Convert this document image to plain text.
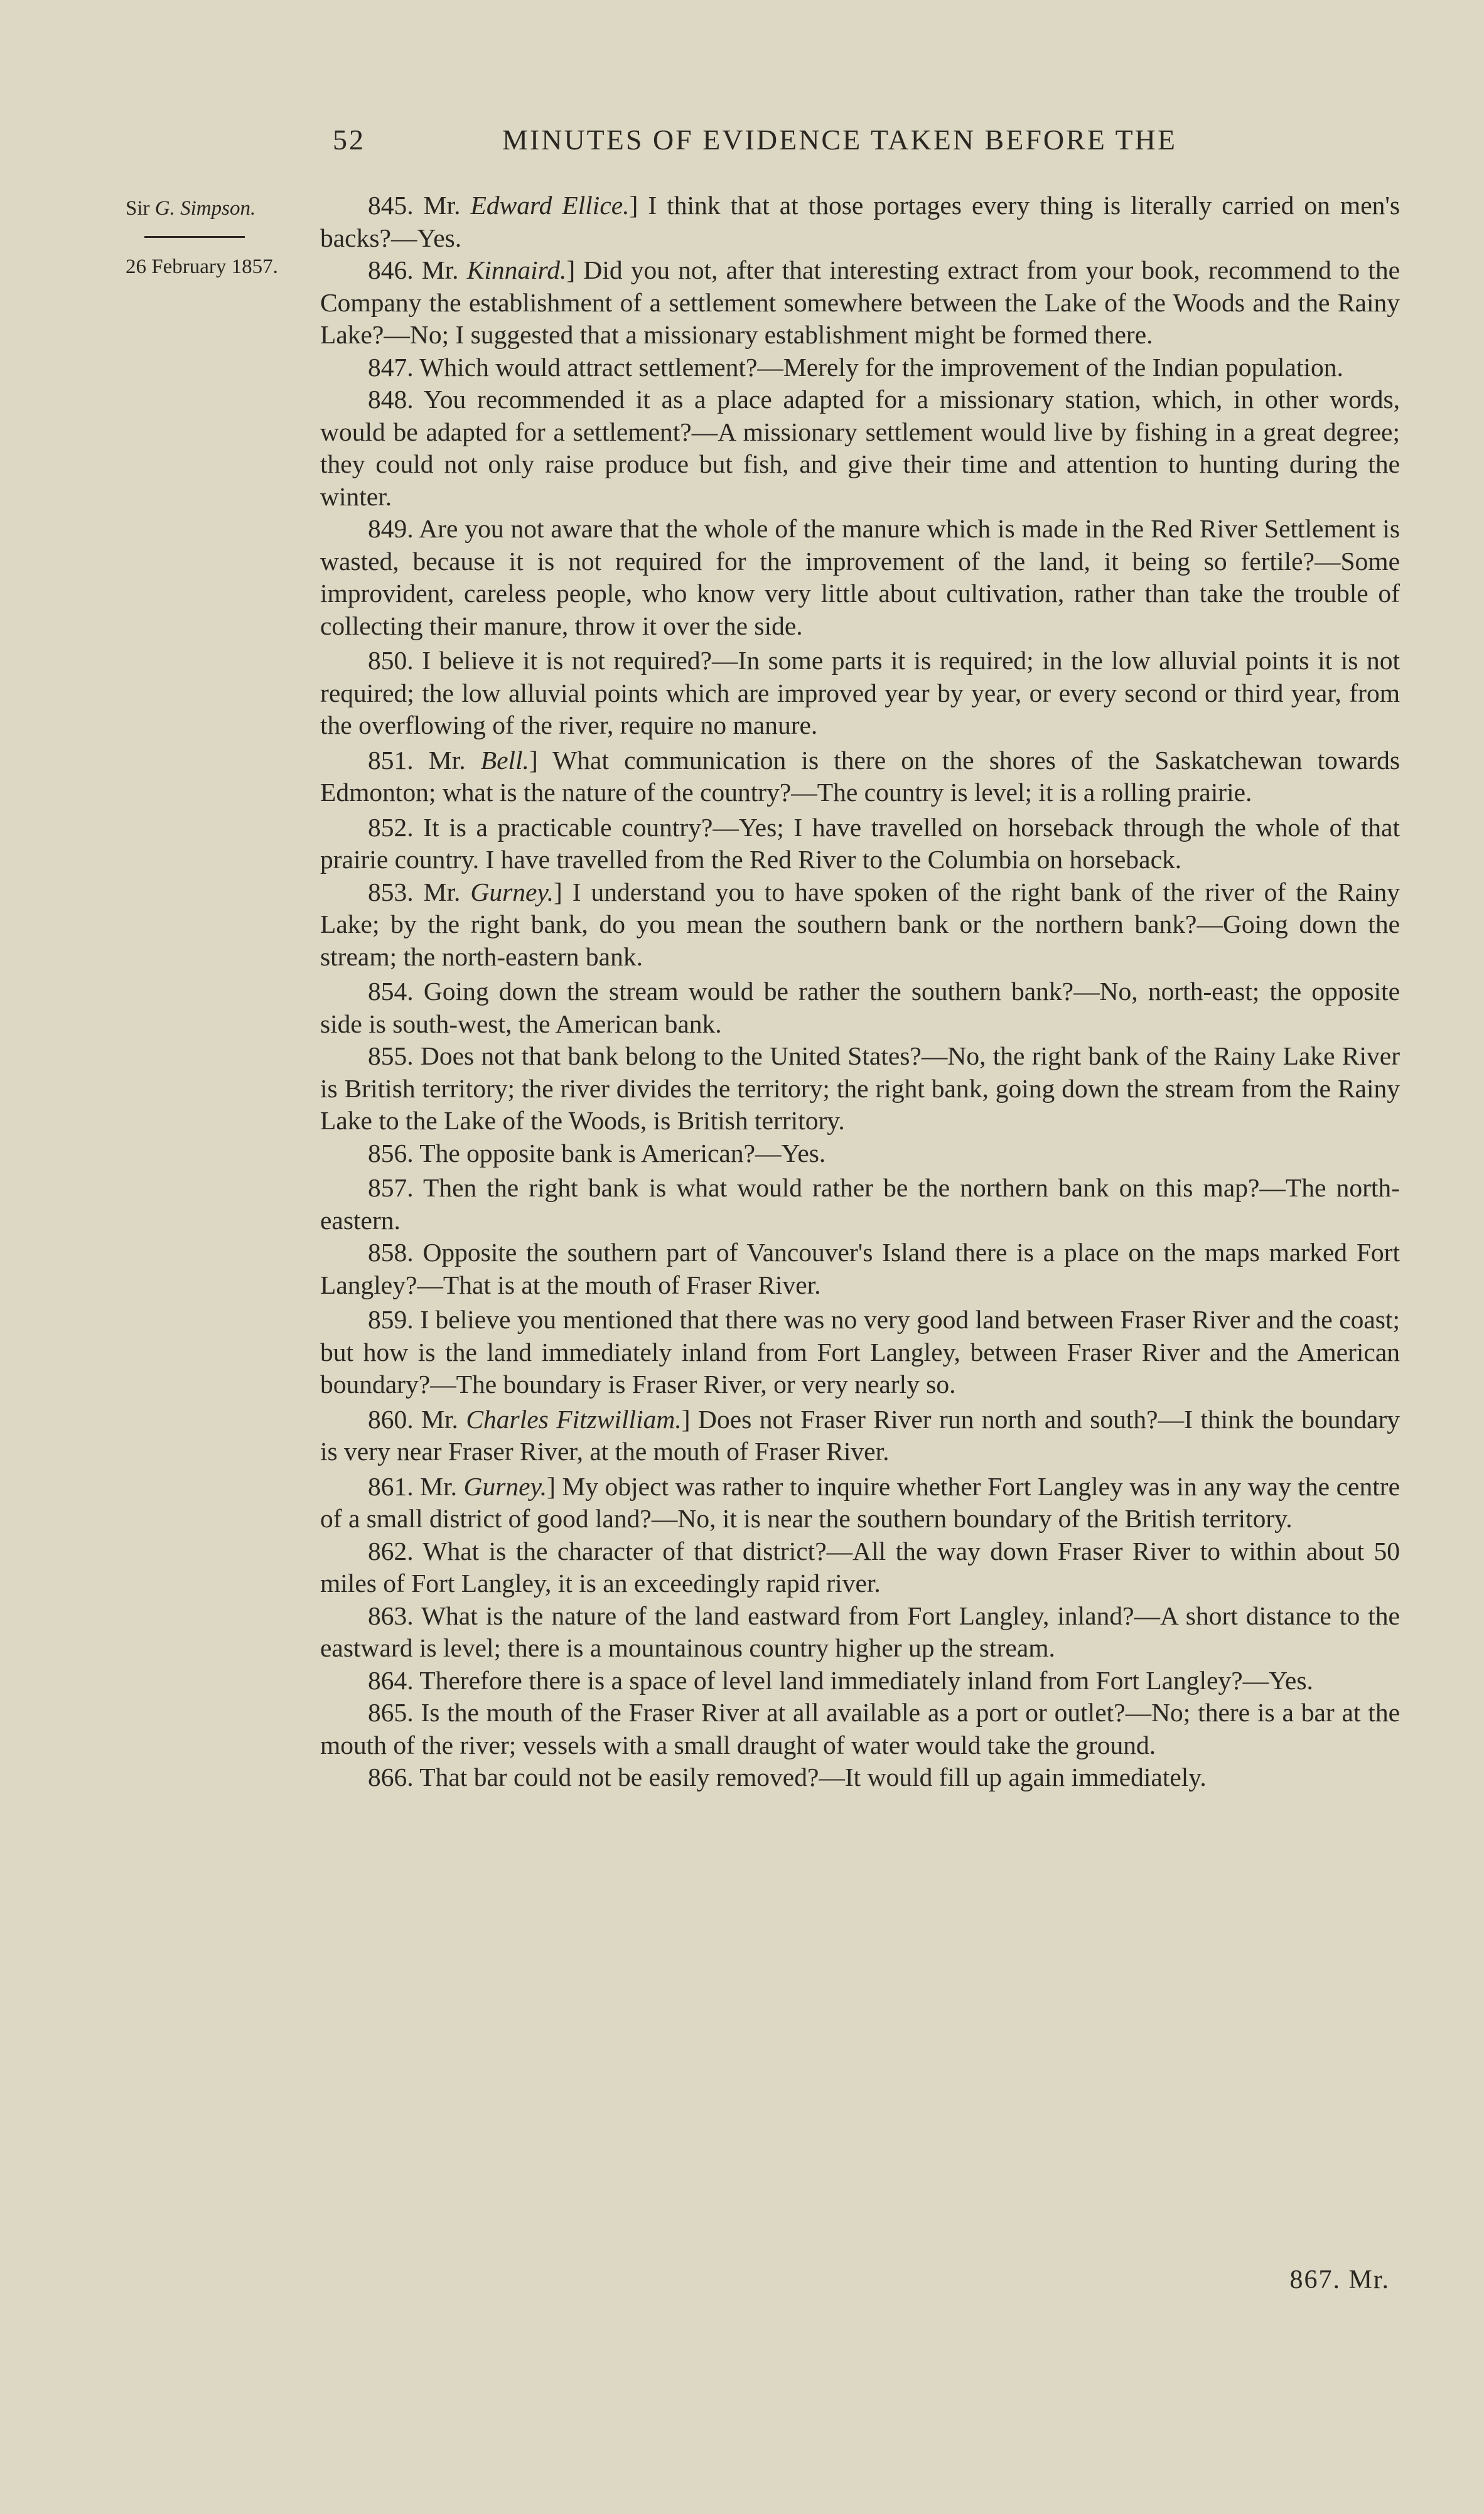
52	MINUTES OF EVIDENCE TAKEN BEFORE THE
Sir G. Simpson.
26 February 1857.

845. Mr. Edward Ellice.] I think that at those portages every thing is literally carried on men's backs?—Yes.

846. Mr. Kinnaird.] Did you not, after that interesting extract from your book, recommend to the Company the establishment of a settlement somewhere between the Lake of the Woods and the Rainy Lake?—No; I suggested that a missionary establishment might be formed there.

847. Which would attract settlement?—Merely for the improvement of the Indian population.

848. You recommended it as a place adapted for a missionary station, which, in other words, would be adapted for a settlement?—A missionary settlement would live by fishing in a great degree; they could not only raise produce but fish, and give their time and attention to hunting during the winter.

849. Are you not aware that the whole of the manure which is made in the Red River Settlement is wasted, because it is not required for the improvement of the land, it being so fertile?—Some improvident, careless people, who know very little about cultivation, rather than take the trouble of collecting their manure, throw it over the side.

850. I believe it is not required?—In some parts it is required; in the low alluvial points it is not required; the low alluvial points which are improved year by year, or every second or third year, from the overflowing of the river, require no manure.

851. Mr. Bell.] What communication is there on the shores of the Saskatchewan towards Edmonton; what is the nature of the country?—The country is level; it is a rolling prairie.

852. It is a practicable country?—Yes; I have travelled on horseback through the whole of that prairie country. I have travelled from the Red River to the Columbia on horseback.

853. Mr. Gurney.] I understand you to have spoken of the right bank of the river of the Rainy Lake; by the right bank, do you mean the southern bank or the northern bank?—Going down the stream; the north-eastern bank.

854. Going down the stream would be rather the southern bank?—No, north-east; the opposite side is south-west, the American bank.

855. Does not that bank belong to the United States?—No, the right bank of the Rainy Lake River is British territory; the river divides the territory; the right bank, going down the stream from the Rainy Lake to the Lake of the Woods, is British territory.

856. The opposite bank is American?—Yes.

857. Then the right bank is what would rather be the northern bank on this map?—The north-eastern.

858. Opposite the southern part of Vancouver's Island there is a place on the maps marked Fort Langley?—That is at the mouth of Fraser River.

859. I believe you mentioned that there was no very good land between Fraser River and the coast; but how is the land immediately inland from Fort Langley, between Fraser River and the American boundary?—The boundary is Fraser River, or very nearly so.

860. Mr. Charles Fitzwilliam.] Does not Fraser River run north and south?—I think the boundary is very near Fraser River, at the mouth of Fraser River.

861. Mr. Gurney.] My object was rather to inquire whether Fort Langley was in any way the centre of a small district of good land?—No, it is near the southern boundary of the British territory.

862. What is the character of that district?—All the way down Fraser River to within about 50 miles of Fort Langley, it is an exceedingly rapid river.

863. What is the nature of the land eastward from Fort Langley, inland?—A short distance to the eastward is level; there is a mountainous country higher up the stream.

864. Therefore there is a space of level land immediately inland from Fort Langley?—Yes.

865. Is the mouth of the Fraser River at all available as a port or outlet?—No; there is a bar at the mouth of the river; vessels with a small draught of water would take the ground.

866. That bar could not be easily removed?—It would fill up again immediately.

867. Mr.
